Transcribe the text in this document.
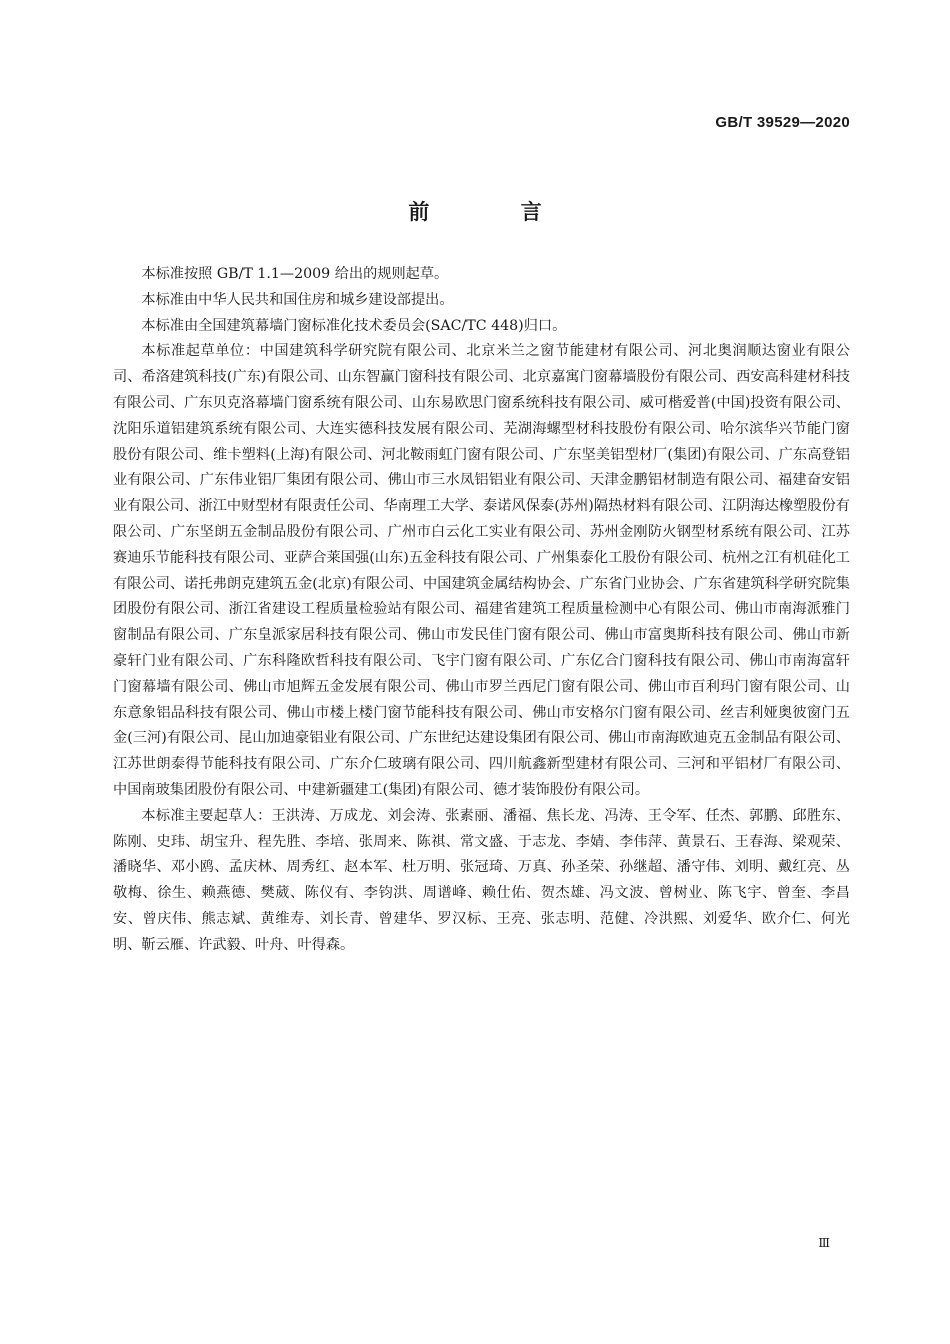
GB/T 39529—2020
前 言

本标准按照 GB/T 1.1—2009 给出的规则起草。

本标准由中华人民共和国住房和城乡建设部提出。

本标准由全国建筑幕墙门窗标准化技术委员会(SAC/TC 448)归口。

本标准起草单位：中国建筑科学研究院有限公司、北京米兰之窗节能建材有限公司、河北奥润顺达窗业有限公司、希洛建筑科技(广东)有限公司、山东智赢门窗科技有限公司、北京嘉寓门窗幕墙股份有限公司、西安高科建材科技有限公司、广东贝克洛幕墙门窗系统有限公司、山东易欧思门窗系统科技有限公司、威可楷爱普(中国)投资有限公司、沈阳乐道铝建筑系统有限公司、大连实德科技发展有限公司、芜湖海螺型材科技股份有限公司、哈尔滨华兴节能门窗股份有限公司、维卡塑料(上海)有限公司、河北鞍雨虹门窗有限公司、广东坚美铝型材厂(集团)有限公司、广东高登铝业有限公司、广东伟业铝厂集团有限公司、佛山市三水凤铝铝业有限公司、天津金鹏铝材制造有限公司、福建奋安铝业有限公司、浙江中财型材有限责任公司、华南理工大学、泰诺风保泰(苏州)隔热材料有限公司、江阴海达橡塑股份有限公司、广东坚朗五金制品股份有限公司、广州市白云化工实业有限公司、苏州金刚防火钢型材系统有限公司、江苏赛迪乐节能科技有限公司、亚萨合莱国强(山东)五金科技有限公司、广州集泰化工股份有限公司、杭州之江有机硅化工有限公司、诺托弗朗克建筑五金(北京)有限公司、中国建筑金属结构协会、广东省门业协会、广东省建筑科学研究院集团股份有限公司、浙江省建设工程质量检验站有限公司、福建省建筑工程质量检测中心有限公司、佛山市南海派雅门窗制品有限公司、广东皇派家居科技有限公司、佛山市发民佳门窗有限公司、佛山市富奥斯科技有限公司、佛山市新豪轩门业有限公司、广东科隆欧哲科技有限公司、飞宇门窗有限公司、广东亿合门窗科技有限公司、佛山市南海富轩门窗幕墙有限公司、佛山市旭辉五金发展有限公司、佛山市罗兰西尼门窗有限公司、佛山市百利玛门窗有限公司、山东意象铝品科技有限公司、佛山市楼上楼门窗节能科技有限公司、佛山市安格尔门窗有限公司、丝吉利娅奥彼窗门五金(三河)有限公司、昆山加迪豪铝业有限公司、广东世纪达建设集团有限公司、佛山市南海欧迪克五金制品有限公司、江苏世朗泰得节能科技有限公司、广东介仁玻璃有限公司、四川航鑫新型建材有限公司、三河和平铝材厂有限公司、中国南玻集团股份有限公司、中建新疆建工(集团)有限公司、德才装饰股份有限公司。

本标准主要起草人：王洪涛、万成龙、刘会涛、张素丽、潘福、焦长龙、冯涛、王令军、任杰、郭鹏、邱胜东、陈刚、史玮、胡宝升、程先胜、李培、张周来、陈祺、常文盛、于志龙、李婧、李伟萍、黄景石、王春海、梁观荣、潘晓华、邓小鸥、孟庆林、周秀红、赵本军、杜万明、张冠琦、万真、孙圣荣、孙继超、潘守伟、刘明、戴红亮、丛敬梅、徐生、赖燕德、樊葳、陈仪有、李钧洪、周谱峰、赖仕佑、贺杰雄、冯文波、曾树业、陈飞宇、曾奎、李昌安、曾庆伟、熊志斌、黄维寿、刘长青、曾建华、罗汉标、王亮、张志明、范健、冷洪熙、刘爱华、欧介仁、何光明、靳云雁、许武毅、叶舟、叶得森。

Ⅲ
